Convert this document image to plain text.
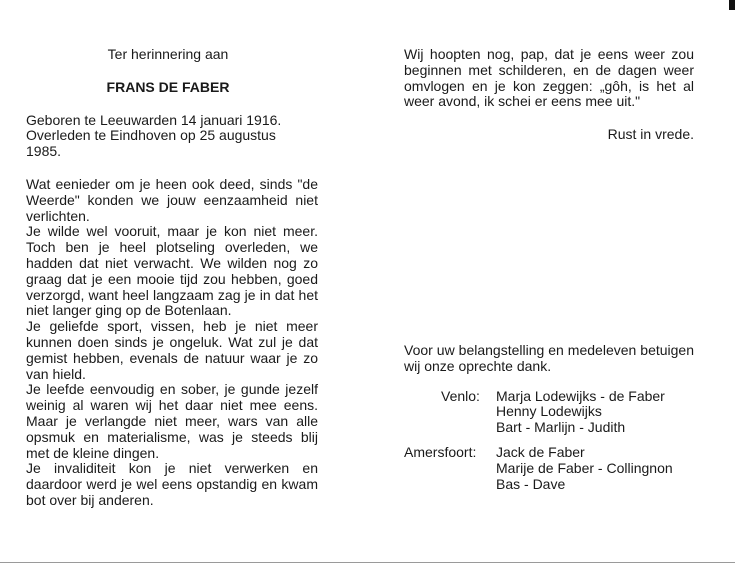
Ter herinnering aan
FRANS DE FABER
Geboren te Leeuwarden 14 januari 1916.
Overleden te Eindhoven op 25 augustus
1985.
Wat eenieder om je heen ook deed, sinds "de Weerde" konden we jouw eenzaamheid niet verlichten.
Je wilde wel vooruit, maar je kon niet meer. Toch ben je heel plotseling overleden, we hadden dat niet verwacht. We wilden nog zo graag dat je een mooie tijd zou hebben, goed verzorgd, want heel langzaam zag je in dat het niet langer ging op de Botenlaan.
Je geliefde sport, vissen, heb je niet meer kunnen doen sinds je ongeluk. Wat zul je dat gemist hebben, evenals de natuur waar je zo van hield.
Je leefde eenvoudig en sober, je gunde jezelf weinig al waren wij het daar niet mee eens. Maar je verlangde niet meer, wars van alle opsmuk en materialisme, was je steeds blij met de kleine dingen.
Je invaliditeit kon je niet verwerken en daardoor werd je wel eens opstandig en kwam bot over bij anderen.
Wij hoopten nog, pap, dat je eens weer zou beginnen met schilderen, en de dagen weer omvlogen en je kon zeggen: „gôh, is het al weer avond, ik schei er eens mee uit."
Rust in vrede.
Voor uw belangstelling en medeleven betuigen wij onze oprechte dank.
Venlo:	Marja Lodewijks - de Faber
Henny Lodewijks
Bart - Marlijn - Judith

Amersfoort:	Jack de Faber
Marije de Faber - Collingnon
Bas - Dave
